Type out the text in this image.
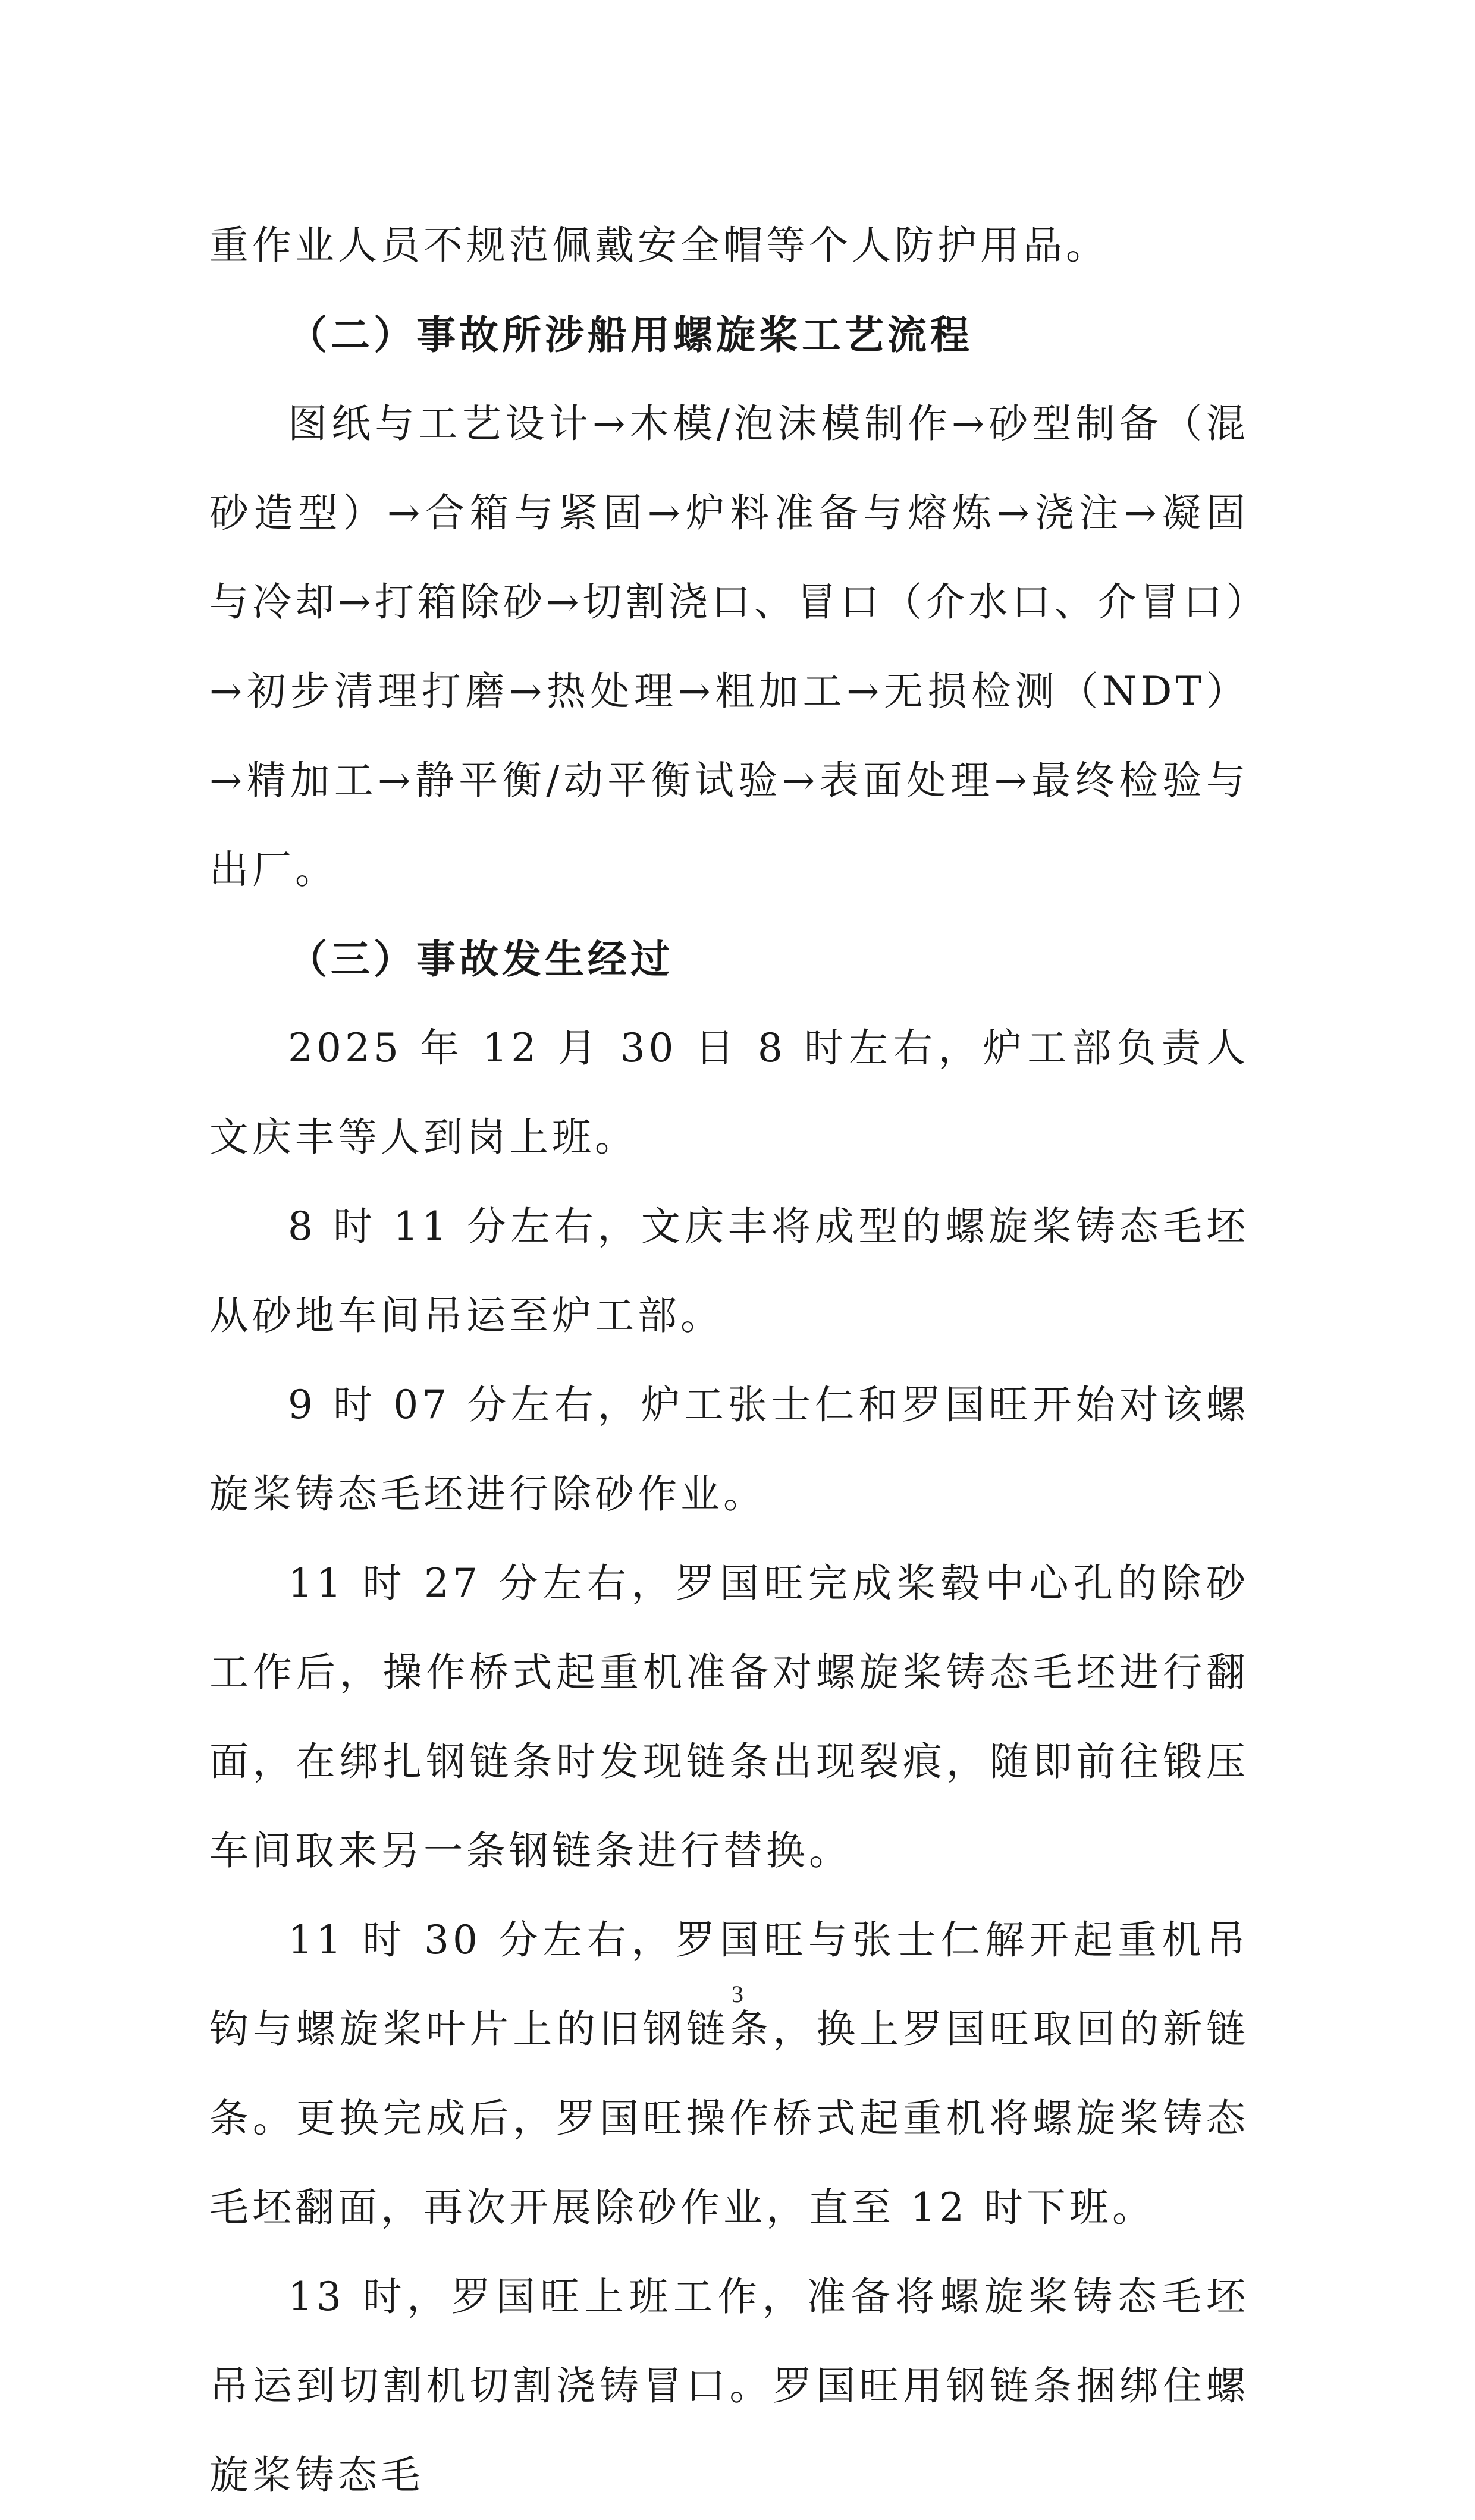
重作业人员不规范佩戴安全帽等个人防护用品。

（二）事故所涉船用螺旋桨工艺流程

图纸与工艺设计→木模/泡沫模制作→砂型制备（混砂造型）→合箱与紧固→炉料准备与熔炼→浇注→凝固与冷却→打箱除砂→切割浇口、冒口（介水口、介冒口）→初步清理打磨→热处理→粗加工→无损检测（NDT）→精加工→静平衡/动平衡试验→表面处理→最终检验与出厂。

（三）事故发生经过

2025 年 12 月 30 日 8 时左右，炉工部负责人文庆丰等人到岗上班。

8 时 11 分左右，文庆丰将成型的螺旋桨铸态毛坯从砂地车间吊运至炉工部。

9 时 07 分左右，炉工张士仁和罗国旺开始对该螺旋桨铸态毛坯进行除砂作业。

11 时 27 分左右，罗国旺完成桨毂中心孔的除砂工作后，操作桥式起重机准备对螺旋桨铸态毛坯进行翻面，在绑扎钢链条时发现链条出现裂痕，随即前往锻压车间取来另一条钢链条进行替换。

11 时 30 分左右，罗国旺与张士仁解开起重机吊钩与螺旋桨叶片上的旧钢链条，换上罗国旺取回的新链条。更换完成后，罗国旺操作桥式起重机将螺旋桨铸态毛坯翻面，再次开展除砂作业，直至 12 时下班。

13 时，罗国旺上班工作，准备将螺旋桨铸态毛坯吊运到切割机切割浇铸冒口。罗国旺用钢链条捆绑住螺旋桨铸态毛

3
